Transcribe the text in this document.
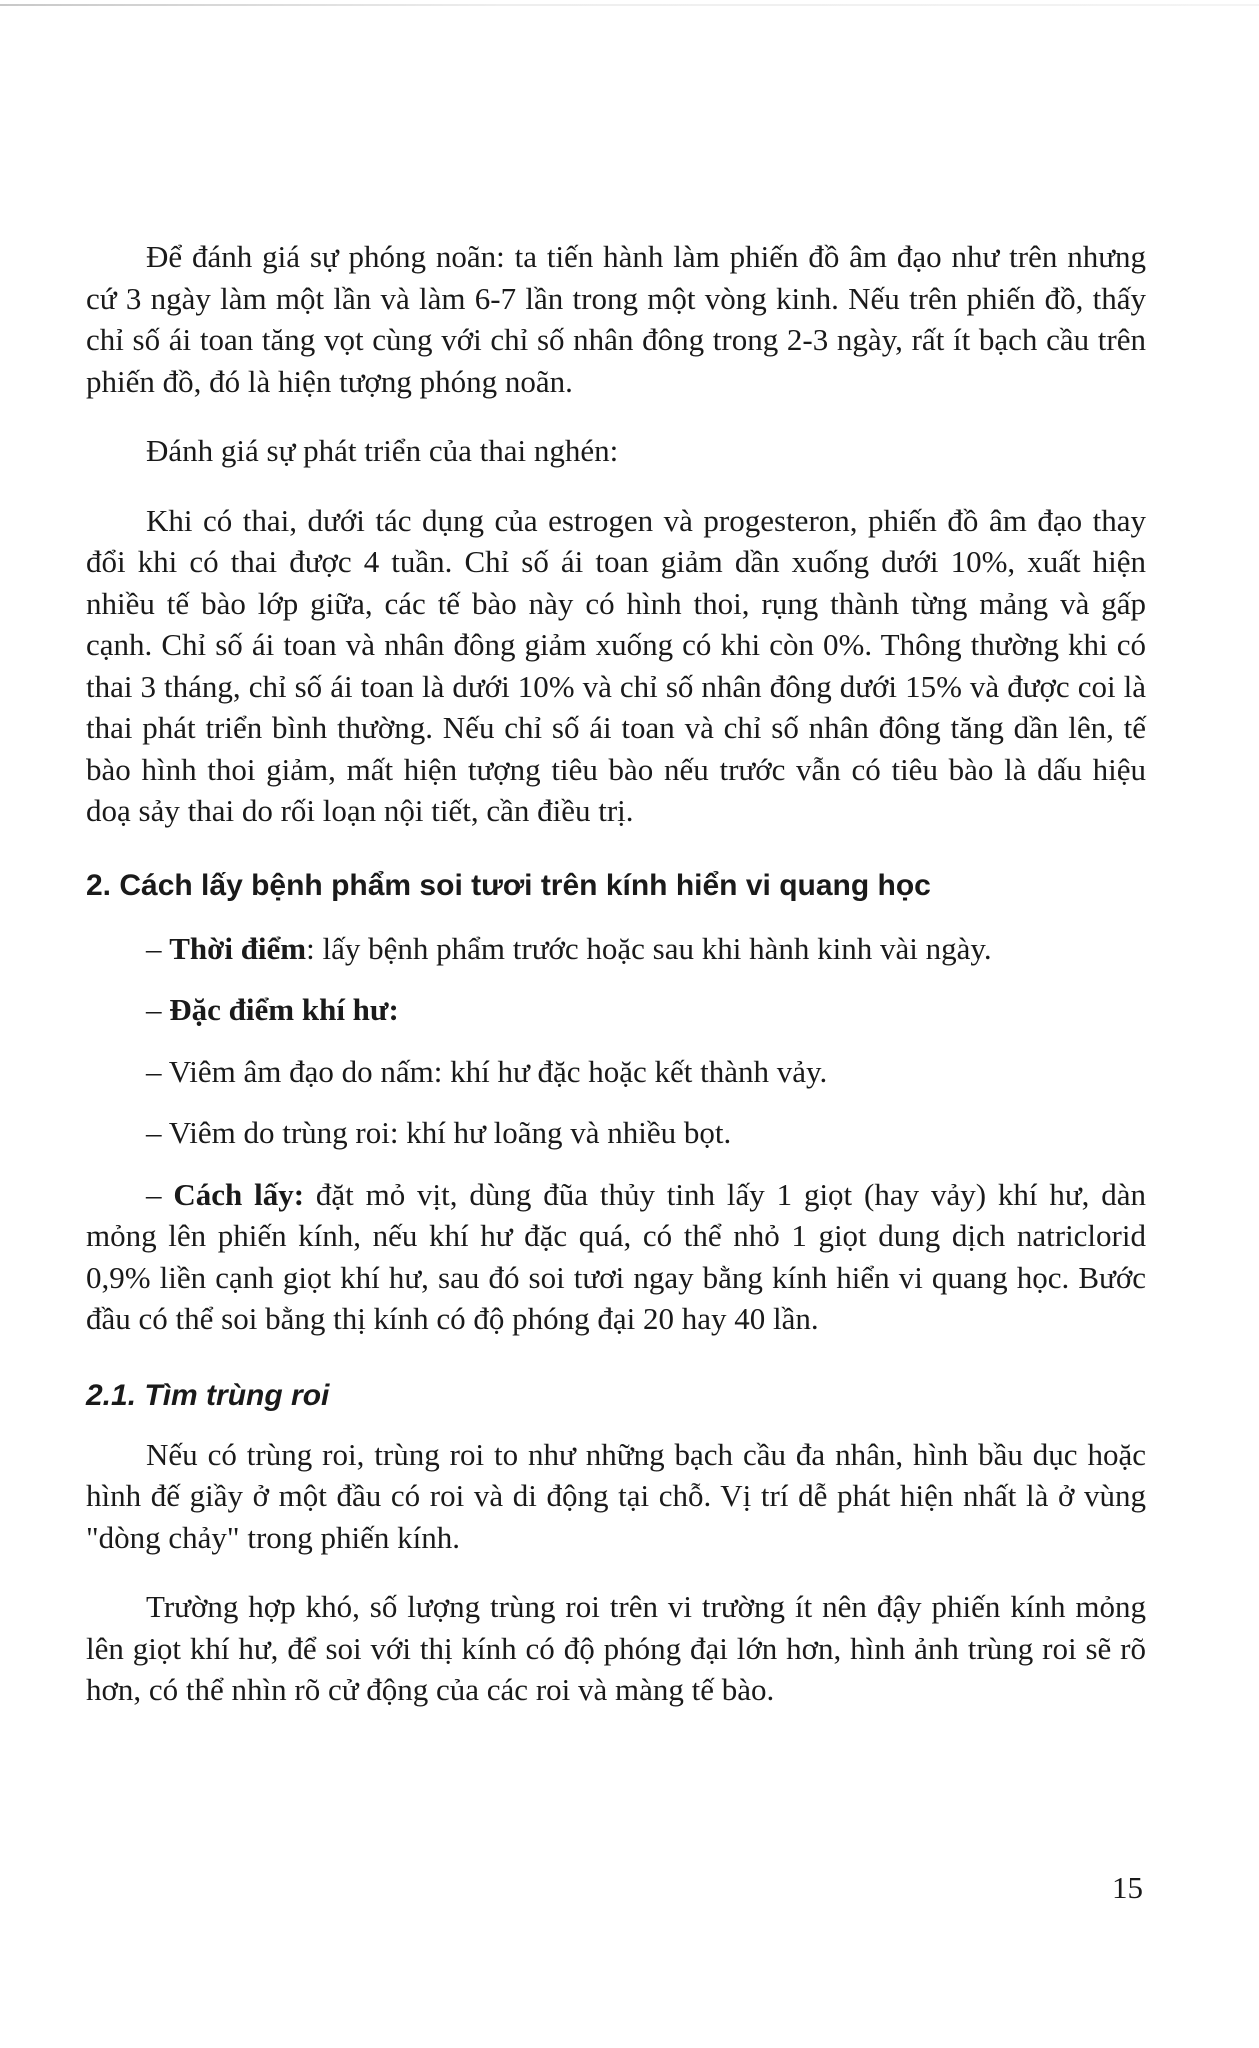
Để đánh giá sự phóng noãn: ta tiến hành làm phiến đồ âm đạo như trên nhưng cứ 3 ngày làm một lần và làm 6-7 lần trong một vòng kinh. Nếu trên phiến đồ, thấy chỉ số ái toan tăng vọt cùng với chỉ số nhân đông trong 2-3 ngày, rất ít bạch cầu trên phiến đồ, đó là hiện tượng phóng noãn.

Đánh giá sự phát triển của thai nghén:

Khi có thai, dưới tác dụng của estrogen và progesteron, phiến đồ âm đạo thay đổi khi có thai được 4 tuần. Chỉ số ái toan giảm dần xuống dưới 10%, xuất hiện nhiều tế bào lớp giữa, các tế bào này có hình thoi, rụng thành từng mảng và gấp cạnh. Chỉ số ái toan và nhân đông giảm xuống có khi còn 0%. Thông thường khi có thai 3 tháng, chỉ số ái toan là dưới 10% và chỉ số nhân đông dưới 15% và được coi là thai phát triển bình thường. Nếu chỉ số ái toan và chỉ số nhân đông tăng dần lên, tế bào hình thoi giảm, mất hiện tượng tiêu bào nếu trước vẫn có tiêu bào là dấu hiệu doạ sảy thai do rối loạn nội tiết, cần điều trị.

2. Cách lấy bệnh phẩm soi tươi trên kính hiển vi quang học
– Thời điểm: lấy bệnh phẩm trước hoặc sau khi hành kinh vài ngày.
– Đặc điểm khí hư:
– Viêm âm đạo do nấm: khí hư đặc hoặc kết thành vảy.
– Viêm do trùng roi: khí hư loãng và nhiều bọt.
– Cách lấy: đặt mỏ vịt, dùng đũa thủy tinh lấy 1 giọt (hay vảy) khí hư, dàn mỏng lên phiến kính, nếu khí hư đặc quá, có thể nhỏ 1 giọt dung dịch natriclorid 0,9% liền cạnh giọt khí hư, sau đó soi tươi ngay bằng kính hiển vi quang học. Bước đầu có thể soi bằng thị kính có độ phóng đại 20 hay 40 lần.
2.1. Tìm trùng roi

Nếu có trùng roi, trùng roi to như những bạch cầu đa nhân, hình bầu dục hoặc hình đế giầy ở một đầu có roi và di động tại chỗ. Vị trí dễ phát hiện nhất là ở vùng "dòng chảy" trong phiến kính.

Trường hợp khó, số lượng trùng roi trên vi trường ít nên đậy phiến kính mỏng lên giọt khí hư, để soi với thị kính có độ phóng đại lớn hơn, hình ảnh trùng roi sẽ rõ hơn, có thể nhìn rõ cử động của các roi và màng tế bào.

15
